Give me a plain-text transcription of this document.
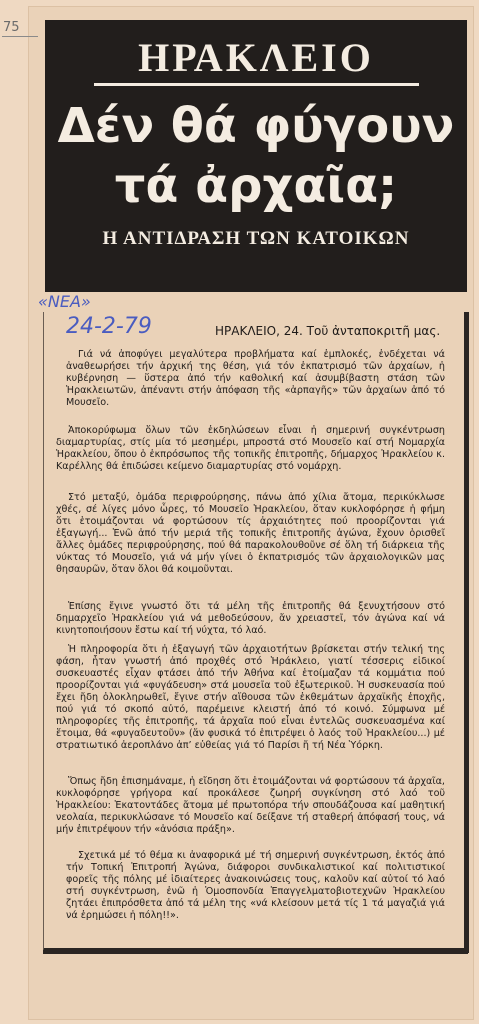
75
ΗΡΑΚΛΕΙΟ
Δέν θά φύγουν
τά ἀρχαῖα;
Η ΑΝΤΙΔΡΑΣΗ ΤΩΝ ΚΑΤΟΙΚΩΝ
«ΝΕΑ»
24-2-79	ΗΡΑΚΛΕΙΟ, 24. Τοῦ ἀνταποκριτῆ μας.
Γιά νά ἀποφύγει μεγαλύτερα προβλήματα καί ἐμπλοκές, ἐνδέχεται νά ἀναθεωρήσει τήν ἀρχική της θέση, γιά τόν ἐκπατρισμό τῶν ἀρχαίων, ἡ κυβέρνηση — ὕστερα ἀπό τήν καθολική καί ἀσυμβίβαστη στάση τῶν Ἡρακλειωτῶν, ἀπέναντι στήν ἀπόφαση τῆς «ἁρπαγῆς» τῶν ἀρχαίων ἀπό τό Μουσεῖο.
Ἀποκορύφωμα ὅλων τῶν ἐκδηλώσεων εἶναι ἡ σημερινή συγκέντρωση διαμαρτυρίας, στίς μία τό μεσημέρι, μπροστά στό Μουσεῖο καί στή Νομαρχία Ἡρακλείου, ὅπου ὁ ἐκπρόσωπος τῆς τοπικῆς ἐπιτροπῆς, δήμαρχος Ἡρακλείου κ. Καρέλλης θά ἐπιδώσει κείμενο διαμαρτυρίας στό νομάρχη.
Στό μεταξύ, ὁμάδα περιφρούρησης, πάνω ἀπό χίλια ἄτομα, περικύκλωσε χθές, σέ λίγες μόνο ὧρες, τό Μουσεῖο Ἡρακλείου, ὅταν κυκλοφόρησε ἡ φήμη ὅτι ἑτοιμάζονται νά φορτώσουν τίς ἀρχαιότητες πού προορίζονται γιά ἐξαγωγή... Ἐνῶ ἀπό τήν μεριά τῆς τοπικῆς ἐπιτροπῆς ἀγώνα, ἔχουν ὁρισθεῖ ἄλλες ὁμάδες περιφρούρησης, πού θά παρακολουθοῦνε σέ ὅλη τή διάρκεια τῆς νύκτας τό Μουσεῖο, γιά νά μήν γίνει ὁ ἐκπατρισμός τῶν ἀρχαιολογικῶν μας θησαυρῶν, ὅταν ὅλοι θά κοιμοῦνται.
Ἐπίσης ἔγινε γνωστό ὅτι τά μέλη τῆς ἐπιτροπῆς θά ξενυχτήσουν στό δημαρχεῖο Ἡρακλείου γιά νά μεθοδεύσουν, ἄν χρειαστεῖ, τόν ἀγώνα καί νά κινητοποιήσουν ἔστω καί τή νύχτα, τό λαό.
Ἡ πληροφορία ὅτι ἡ ἐξαγωγή τῶν ἀρχαιοτήτων βρίσκεται στήν τελική της φάση, ἦταν γνωστή ἀπό προχθές στό Ἡράκλειο, γιατί τέσσερις εἰδικοί συσκευαστές εἶχαν φτάσει ἀπό τήν Ἀθήνα καί ἑτοίμαζαν τά κομμάτια πού προορίζονται γιά «φυγάδευση» στά μουσεῖα τοῦ ἐξωτερικοῦ. Ἡ συσκευασία πού ἔχει ἤδη ὁλοκληρωθεῖ, ἔγινε στήν αἴθουσα τῶν ἐκθεμάτων ἀρχαϊκῆς ἐποχῆς, πού γιά τό σκοπό αὐτό, παρέμεινε κλειστή ἀπό τό κοινό. Σύμφωνα μέ πληροφορίες τῆς ἐπιτροπῆς, τά ἀρχαῖα πού εἶναι ἐντελῶς συσκευασμένα καί ἕτοιμα, θά «φυγαδευτοῦν» (ἄν φυσικά τό ἐπιτρέψει ὁ λαός τοῦ Ἡρακλείου...) μέ στρατιωτικό ἀεροπλάνο ἀπ’ εὐθείας γιά τό Παρίσι ἤ τή Νέα Ὑόρκη.
Ὅπως ἤδη ἐπισημάναμε, ἡ εἴδηση ὅτι ἑτοιμάζονται νά φορτώσουν τά ἀρχαῖα, κυκλοφόρησε γρήγορα καί προκάλεσε ζωηρή συγκίνηση στό λαό τοῦ Ἡρακλείου: Ἑκατοντάδες ἄτομα μέ πρωτοπόρα τήν σπουδάζουσα καί μαθητική νεολαία, περικυκλώσανε τό Μουσεῖο καί δείξανε τή σταθερή ἀπόφασή τους, νά μήν ἐπιτρέψουν τήν «ἀνόσια πράξη».
Σχετικά μέ τό θέμα κι ἀναφορικά μέ τή σημερινή συγκέντρωση, ἐκτός ἀπό τήν Τοπική Ἐπιτροπή Ἀγώνα, διάφοροι συνδικαλιστικοί καί πολιτιστικοί φορεῖς τῆς πόλης μέ ἰδιαίτερες ἀνακοινώσεις τους, καλοῦν καί αὐτοί τό λαό στή συγκέντρωση, ἐνῶ ἡ Ὁμοσπονδία Ἐπαγγελματοβιοτεχνῶν Ἡρακλείου ζητάει ἐπιπρόσθετα ἀπό τά μέλη της «νά κλείσουν μετά τίς 1 τά μαγαζιά γιά νά ἐρημώσει ἡ πόλη!!».
